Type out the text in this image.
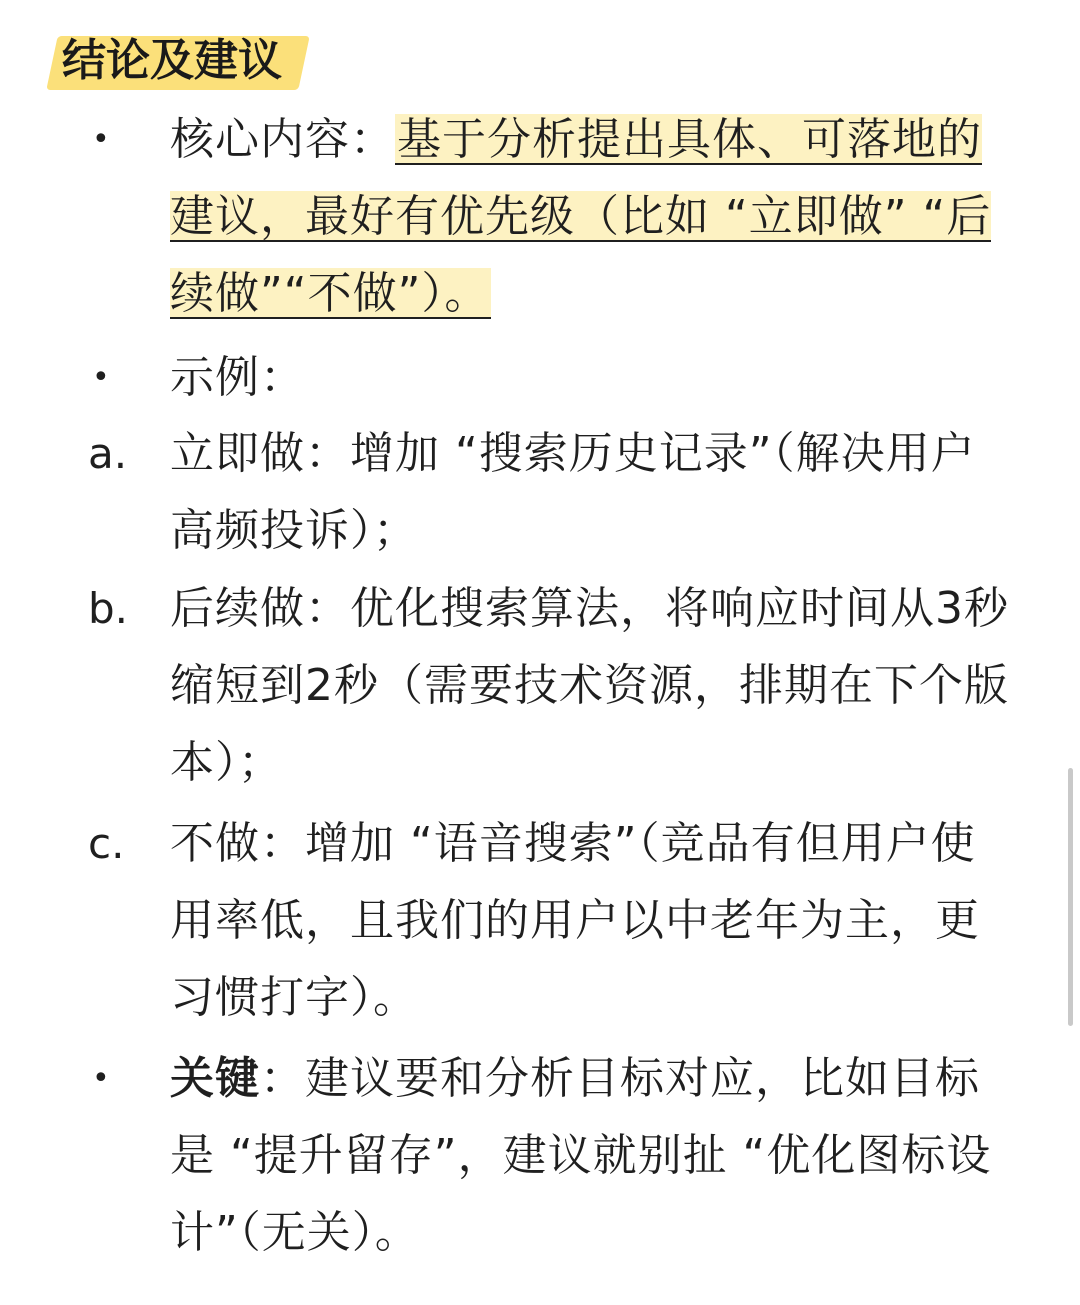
结论及建议
•	核心内容：基于分析提出具体、可落地的建议，最好有优先级（比如 “立即做” “后续做”“不做”）。
•	示例：
a. 立即做：增加 “搜索历史记录”（解决用户高频投诉）；
b. 后续做：优化搜索算法，将响应时间从3秒缩短到2秒（需要技术资源，排期在下个版本）；
c.	不做：增加 “语音搜索”（竞品有但用户使用率低，且我们的用户以中老年为主，更习惯打字）。
•	关键：建议要和分析目标对应，比如目标是 “提升留存”，建议就别扯 “优化图标设计”（无关）。
